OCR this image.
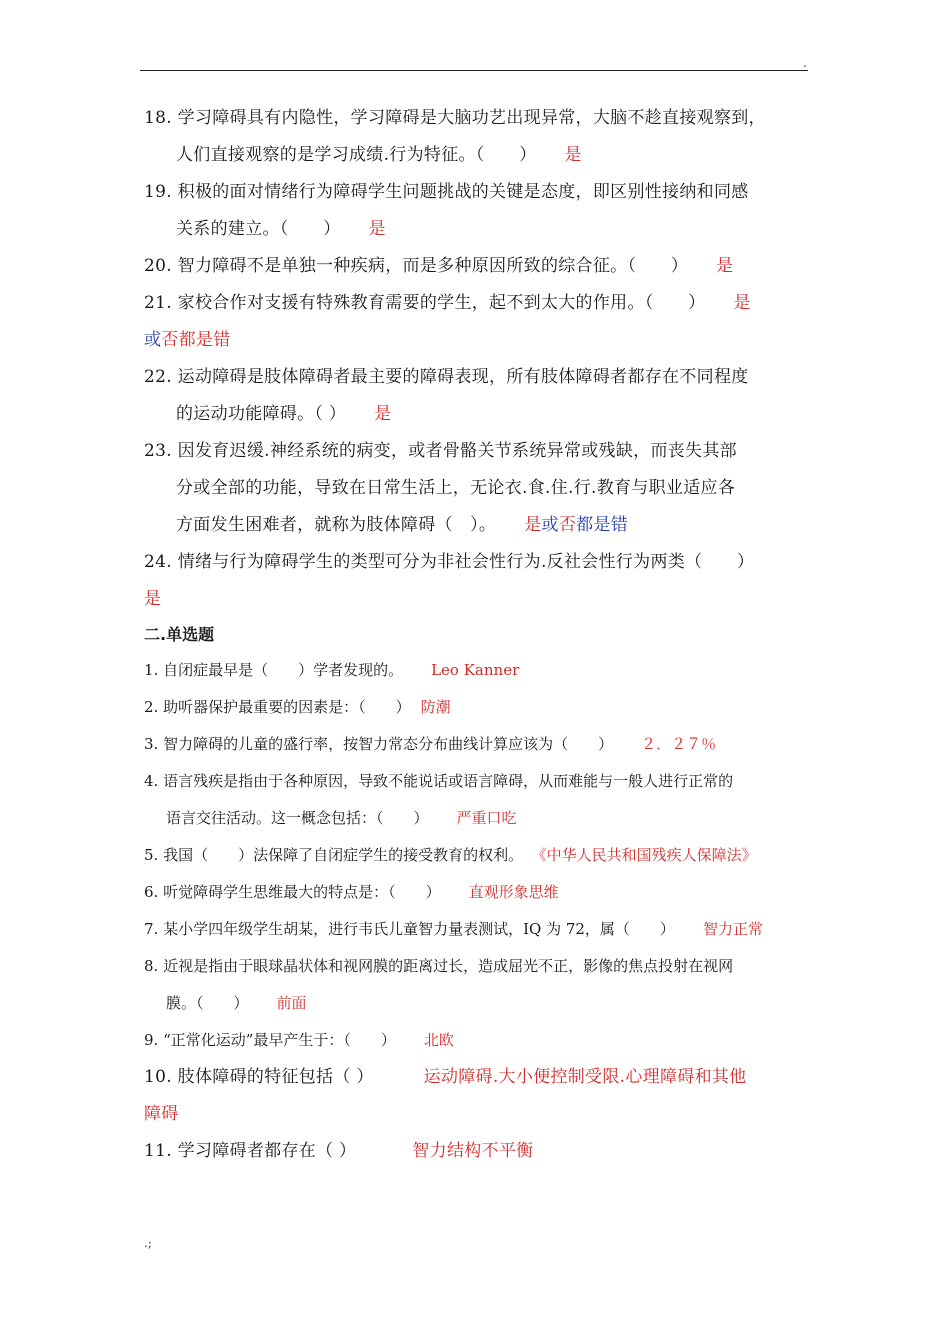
.

18. 学习障碍具有内隐性，学习障碍是大脑功艺出现异常，大脑不趁直接观察到，

人们直接观察的是学习成绩.行为特征。（　　） 是

19. 积极的面对情绪行为障碍学生问题挑战的关键是态度，即区别性接纳和同感

关系的建立。（　　） 是

20. 智力障碍不是单独一种疾病，而是多种原因所致的综合征。（　　） 是

21. 家校合作对支援有特殊教育需要的学生，起不到太大的作用。（　　） 是

或否都是错

22. 运动障碍是肢体障碍者最主要的障碍表现，所有肢体障碍者都存在不同程度

的运动功能障碍。（ ） 是

23. 因发育迟缓.神经系统的病变，或者骨骼关节系统异常或残缺，而丧失其部

分或全部的功能，导致在日常生活上，无论衣.食.住.行.教育与职业适应各

方面发生困难者，就称为肢体障碍（　）。 是或否都是错

24. 情绪与行为障碍学生的类型可分为非社会性行为.反社会性行为两类（　　）

是

二.单选题

1. 自闭症最早是（　　）学者发现的。 Leo Kanner

2. 助听器保护最重要的因素是：（　　） 防潮

3. 智力障碍的儿童的盛行率，按智力常态分布曲线计算应该为（　　） ２．２７％

4. 语言残疾是指由于各种原因，导致不能说话或语言障碍，从而难能与一般人进行正常的

语言交往活动。这一概念包括：（　　） 严重口吃

5. 我国（　　）法保障了自闭症学生的接受教育的权利。 《中华人民共和国残疾人保障法》

6. 听觉障碍学生思维最大的特点是：（　　） 直观形象思维

7. 某小学四年级学生胡某，进行韦氏儿童智力量表测试，IQ 为 72，属（　　） 智力正常

8. 近视是指由于眼球晶状体和视网膜的距离过长，造成屈光不正，影像的焦点投射在视网

膜。（　　） 前面

9. “正常化运动”最早产生于：（　　） 北欧

10. 肢体障碍的特征包括（ ）	运动障碍.大小便控制受限.心理障碍和其他

障碍

11. 学习障碍者都存在（ ）	智力结构不平衡

.;
